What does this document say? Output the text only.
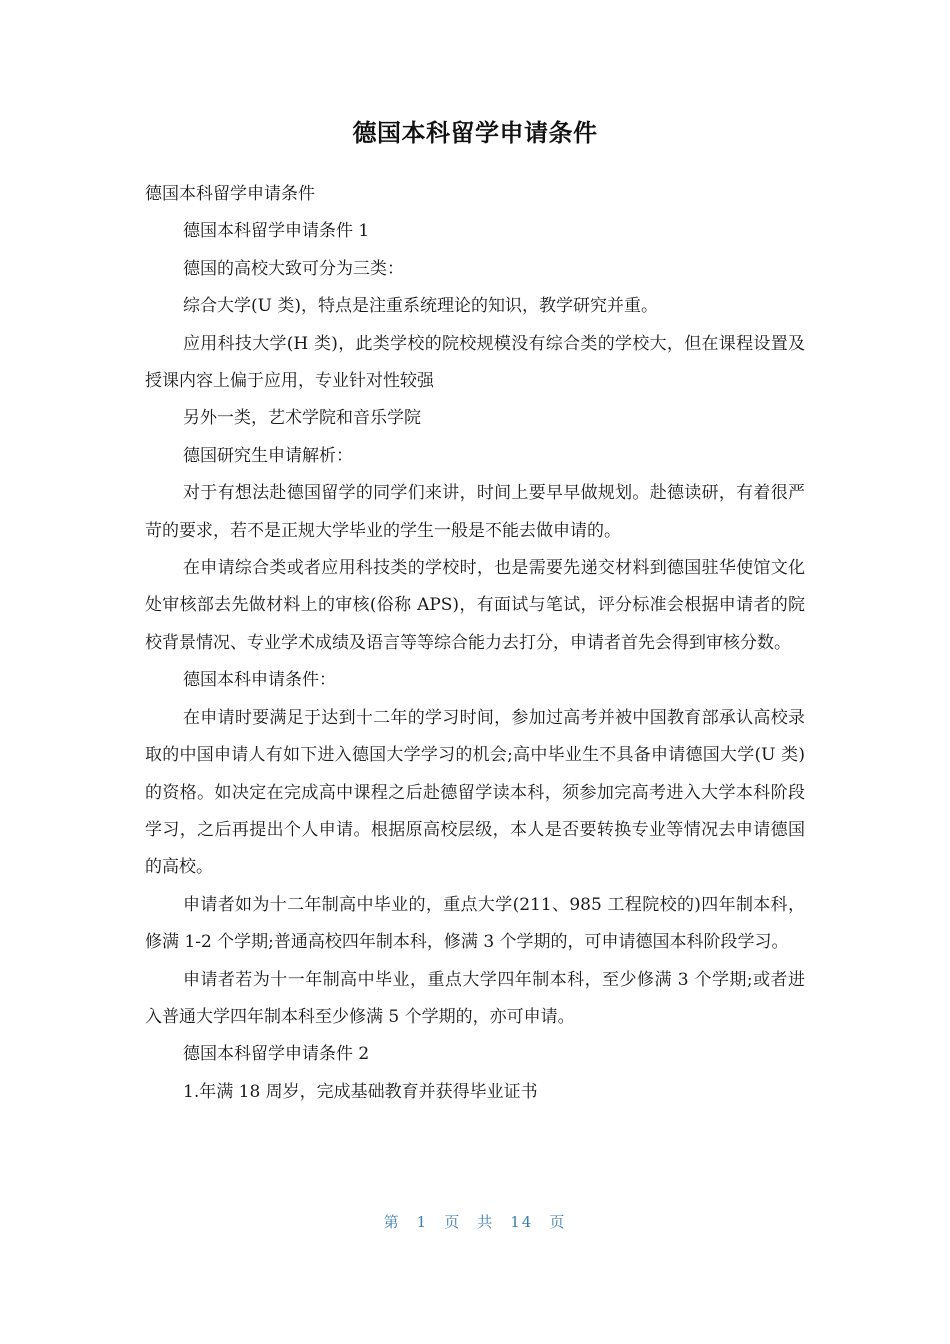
德国本科留学申请条件

德国本科留学申请条件

德国本科留学申请条件 1

德国的高校大致可分为三类：

综合大学(U 类)，特点是注重系统理论的知识，教学研究并重。

应用科技大学(H 类)，此类学校的院校规模没有综合类的学校大，但在课程设置及授课内容上偏于应用，专业针对性较强

另外一类，艺术学院和音乐学院

德国研究生申请解析：

对于有想法赴德国留学的同学们来讲，时间上要早早做规划。赴德读研，有着很严苛的要求，若不是正规大学毕业的学生一般是不能去做申请的。

在申请综合类或者应用科技类的学校时，也是需要先递交材料到德国驻华使馆文化处审核部去先做材料上的审核(俗称 APS)，有面试与笔试，评分标准会根据申请者的院校背景情况、专业学术成绩及语言等等综合能力去打分，申请者首先会得到审核分数。

德国本科申请条件：

在申请时要满足于达到十二年的学习时间，参加过高考并被中国教育部承认高校录取的中国申请人有如下进入德国大学学习的机会;高中毕业生不具备申请德国大学(U 类)的资格。如决定在完成高中课程之后赴德留学读本科，须参加完高考进入大学本科阶段学习，之后再提出个人申请。根据原高校层级，本人是否要转换专业等情况去申请德国的高校。

申请者如为十二年制高中毕业的，重点大学(211、985 工程院校的)四年制本科，修满 1-2 个学期;普通高校四年制本科，修满 3 个学期的，可申请德国本科阶段学习。

申请者若为十一年制高中毕业，重点大学四年制本科，至少修满 3 个学期;或者进入普通大学四年制本科至少修满 5 个学期的，亦可申请。

德国本科留学申请条件 2

1.年满 18 周岁，完成基础教育并获得毕业证书

第 1 页 共 14 页
